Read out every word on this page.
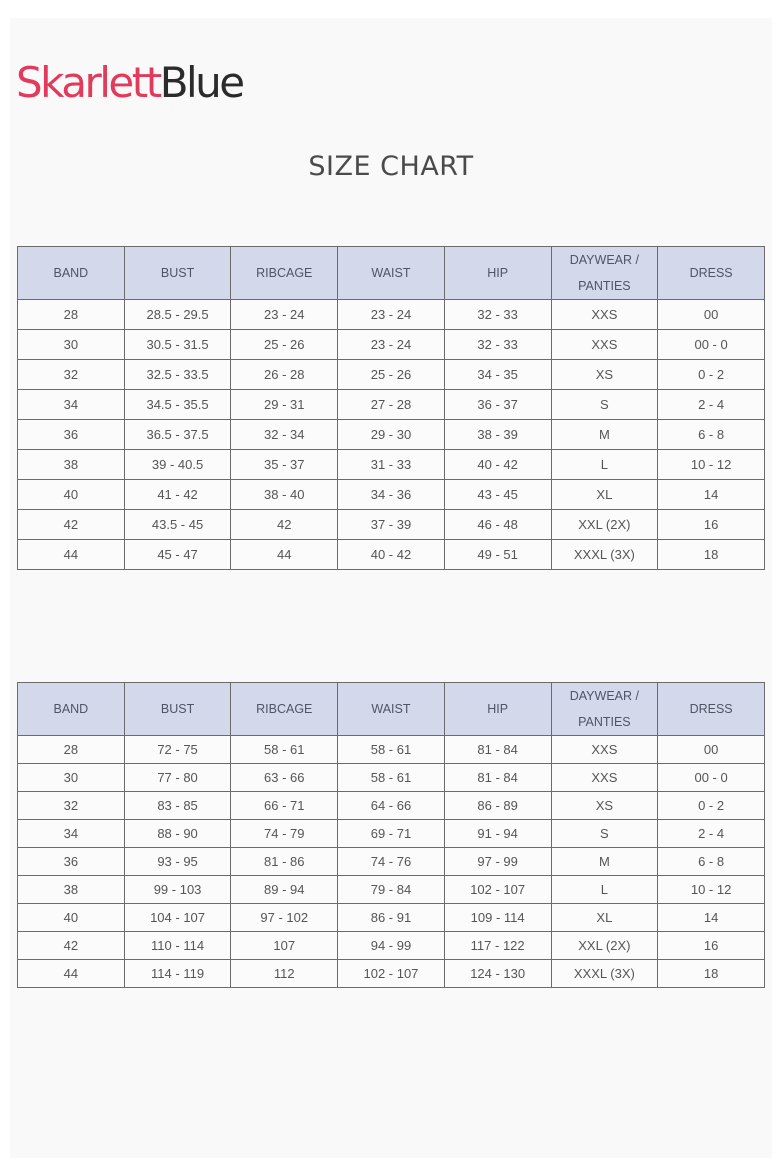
SkarlettBlue
SIZE CHART
BAND	BUST	RIBCAGE	WAIST	HIP	DAYWEAR /
PANTIES	DRESS
28	28.5 - 29.5	23 - 24	23 - 24	32 - 33	XXS	00
30	30.5 - 31.5	25 - 26	23 - 24	32 - 33	XXS	00 - 0
32	32.5 - 33.5	26 - 28	25 - 26	34 - 35	XS	0 - 2
34	34.5 - 35.5	29 - 31	27 - 28	36 - 37	S	2 - 4
36	36.5 - 37.5	32 - 34	29 - 30	38 - 39	M	6 - 8
38	39 - 40.5	35 - 37	31 - 33	40 - 42	L	10 - 12
40	41 - 42	38 - 40	34 - 36	43 - 45	XL	14
42	43.5 - 45	42	37 - 39	46 - 48	XXL (2X)	16
44	45 - 47	44	40 - 42	49 - 51	XXXL (3X)	18
BAND	BUST	RIBCAGE	WAIST	HIP	DAYWEAR /
PANTIES	DRESS
28	72 - 75	58 - 61	58 - 61	81 - 84	XXS	00
30	77 - 80	63 - 66	58 - 61	81 - 84	XXS	00 - 0
32	83 - 85	66 - 71	64 - 66	86 - 89	XS	0 - 2
34	88 - 90	74 - 79	69 - 71	91 - 94	S	2 - 4
36	93 - 95	81 - 86	74 - 76	97 - 99	M	6 - 8
38	99 - 103	89 - 94	79 - 84	102 - 107	L	10 - 12
40	104 - 107	97 - 102	86 - 91	109 - 114	XL	14
42	110 - 114	107	94 - 99	117 - 122	XXL (2X)	16
44	114 - 119	112	102 - 107	124 - 130	XXXL (3X)	18
